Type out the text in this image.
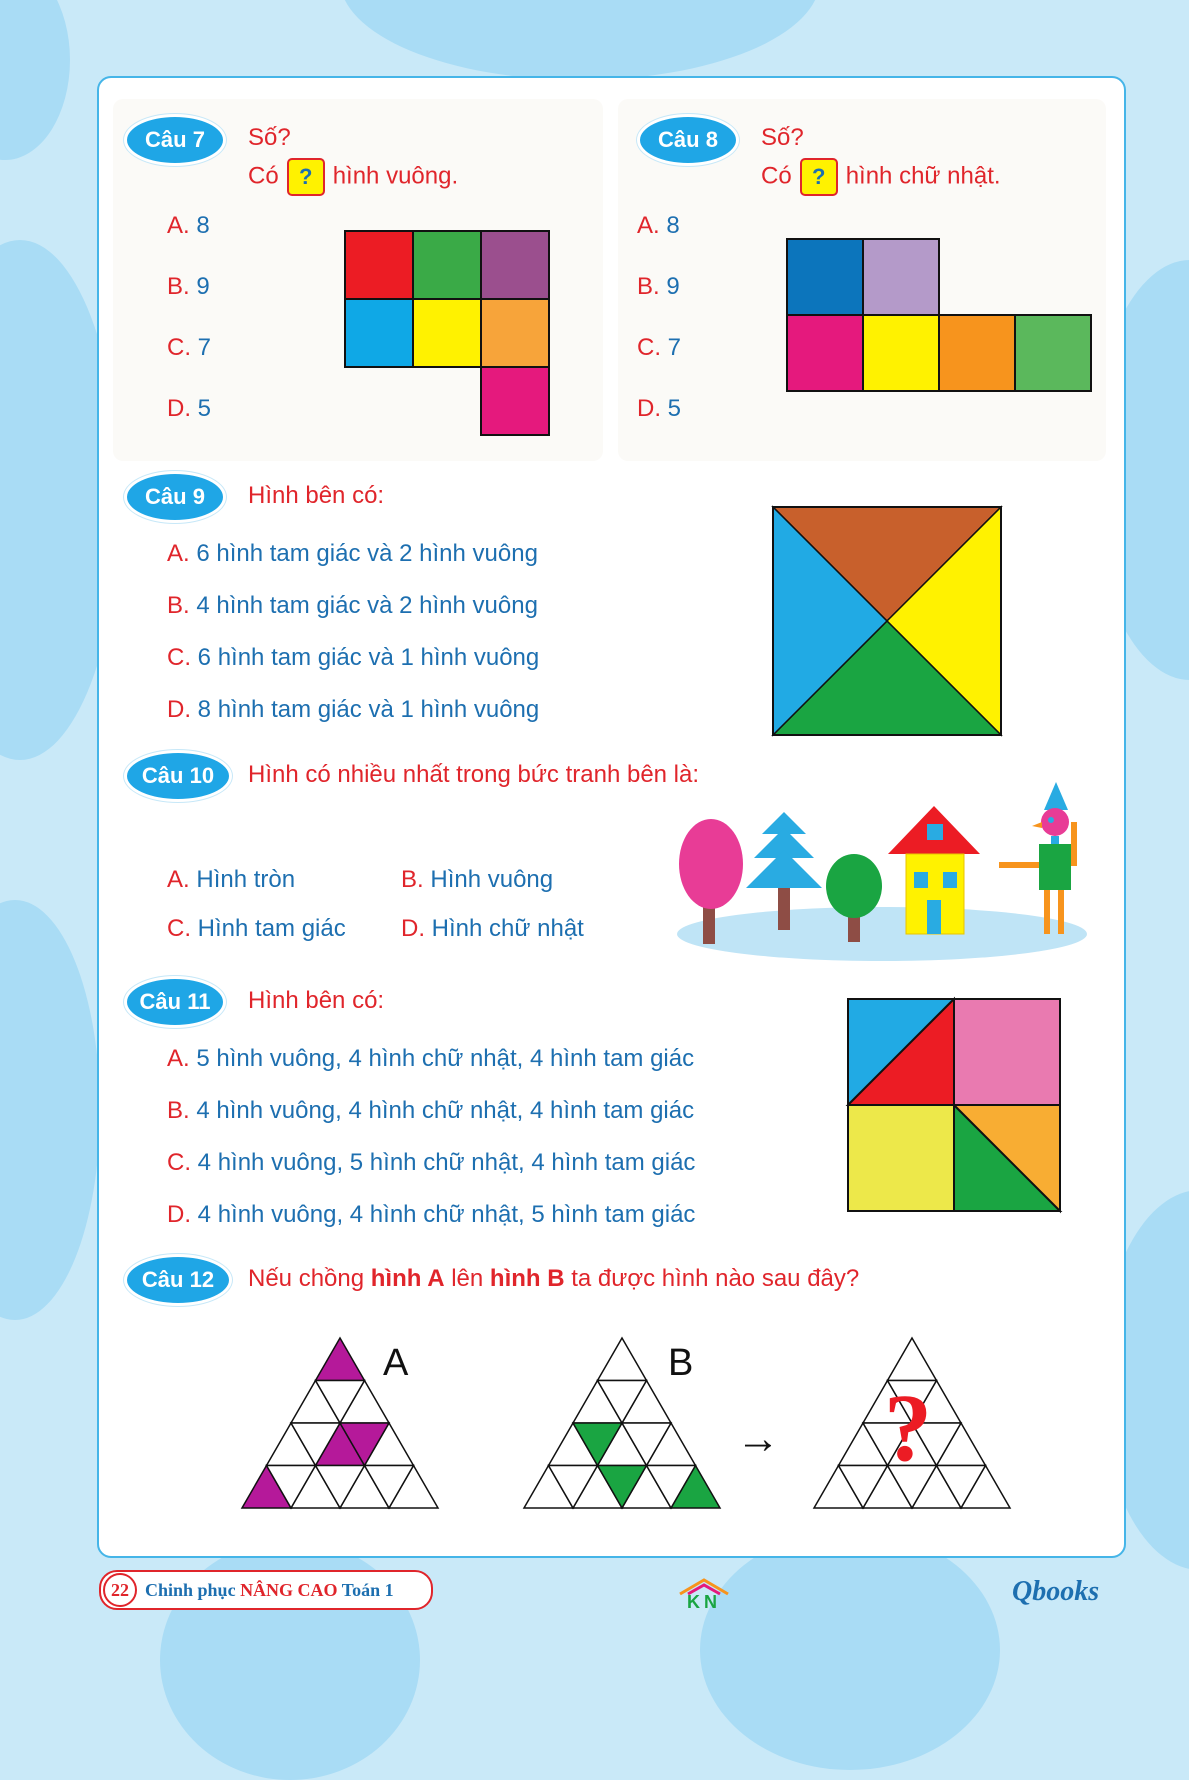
Câu 7	Số?
Có ? hình vuông.
A. 8
B. 9
C. 7
D. 5
Câu 8	Số?
Có ? hình chữ nhật.
A. 8
B. 9
C. 7
D. 5
Câu 9	Hình bên có:
A. 6 hình tam giác và 2 hình vuông
B. 4 hình tam giác và 2 hình vuông
C. 6 hình tam giác và 1 hình vuông
D. 8 hình tam giác và 1 hình vuông
Câu 10	Hình có nhiều nhất trong bức tranh bên là:
A. Hình tròn	B. Hình vuông
C. Hình tam giác D. Hình chữ nhật
Câu 11	Hình bên có:
A. 5 hình vuông, 4 hình chữ nhật, 4 hình tam giác
B. 4 hình vuông, 4 hình chữ nhật, 4 hình tam giác
C. 4 hình vuông, 5 hình chữ nhật, 4 hình tam giác
D. 4 hình vuông, 4 hình chữ nhật, 5 hình tam giác
Câu 12	Nếu chồng hình A lên hình B ta được hình nào sau đây?
A	B
→ ?
22 Chinh phục NÂNG CAO Toán 1
KN	Qbooks
